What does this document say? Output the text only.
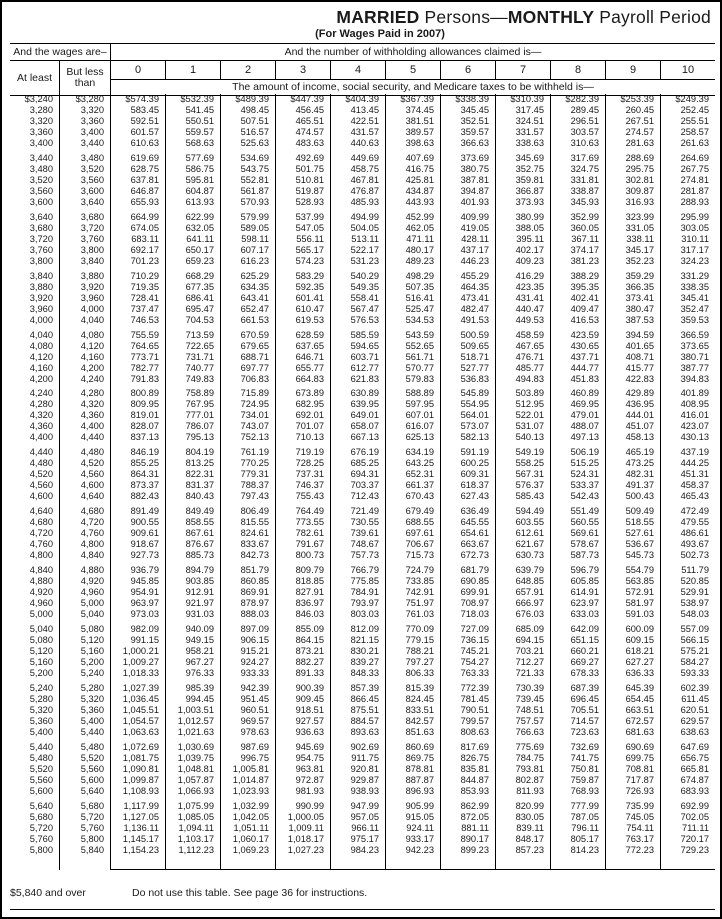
MARRIED Persons—MONTHLY Payroll Period
(For Wages Paid in 2007)
And the wages are–	And the number of withholding allowances claimed is—
At least	But less than
0	1	2	3	4	5	6	7	8	9	10
The amount of income, social security, and Medicare taxes to be withheld is—
$3,240	$3,280	$574.39	$532.39	$489.39	$447.39	$404.39	$367.39	$338.39	$310.39	$282.39	$253.39	$249.39
3,280	3,320	583.45	541.45	498.45	456.45	413.45	374.45	345.45	317.45	289.45	260.45	252.45
3,320	3,360	592.51	550.51	507.51	465.51	422.51	381.51	352.51	324.51	296.51	267.51	255.51
3,360	3,400	601.57	559.57	516.57	474.57	431.57	389.57	359.57	331.57	303.57	274.57	258.57
3,400	3,440	610.63	568.63	525.63	483.63	440.63	398.63	366.63	338.63	310.63	281.63	261.63
3,440	3,480	619.69	577.69	534.69	492.69	449.69	407.69	373.69	345.69	317.69	288.69	264.69
3,480	3,520	628.75	586.75	543.75	501.75	458.75	416.75	380.75	352.75	324.75	295.75	267.75
3,520	3,560	637.81	595.81	552.81	510.81	467.81	425.81	387.81	359.81	331.81	302.81	274.81
3,560	3,600	646.87	604.87	561.87	519.87	476.87	434.87	394.87	366.87	338.87	309.87	281.87
3,600	3,640	655.93	613.93	570.93	528.93	485.93	443.93	401.93	373.93	345.93	316.93	288.93
3,640	3,680	664.99	622.99	579.99	537.99	494.99	452.99	409.99	380.99	352.99	323.99	295.99
3,680	3,720	674.05	632.05	589.05	547.05	504.05	462.05	419.05	388.05	360.05	331.05	303.05
3,720	3,760	683.11	641.11	598.11	556.11	513.11	471.11	428.11	395.11	367.11	338.11	310.11
3,760	3,800	692.17	650.17	607.17	565.17	522.17	480.17	437.17	402.17	374.17	345.17	317.17
3,800	3,840	701.23	659.23	616.23	574.23	531.23	489.23	446.23	409.23	381.23	352.23	324.23
3,840	3,880	710.29	668.29	625.29	583.29	540.29	498.29	455.29	416.29	388.29	359.29	331.29
3,880	3,920	719.35	677.35	634.35	592.35	549.35	507.35	464.35	423.35	395.35	366.35	338.35
3,920	3,960	728.41	686.41	643.41	601.41	558.41	516.41	473.41	431.41	402.41	373.41	345.41
3,960	4,000	737.47	695.47	652.47	610.47	567.47	525.47	482.47	440.47	409.47	380.47	352.47
4,000	4,040	746.53	704.53	661.53	619.53	576.53	534.53	491.53	449.53	416.53	387.53	359.53
4,040	4,080	755.59	713.59	670.59	628.59	585.59	543.59	500.59	458.59	423.59	394.59	366.59
4,080	4,120	764.65	722.65	679.65	637.65	594.65	552.65	509.65	467.65	430.65	401.65	373.65
4,120	4,160	773.71	731.71	688.71	646.71	603.71	561.71	518.71	476.71	437.71	408.71	380.71
4,160	4,200	782.77	740.77	697.77	655.77	612.77	570.77	527.77	485.77	444.77	415.77	387.77
4,200	4,240	791.83	749.83	706.83	664.83	621.83	579.83	536.83	494.83	451.83	422.83	394.83
4,240	4,280	800.89	758.89	715.89	673.89	630.89	588.89	545.89	503.89	460.89	429.89	401.89
4,280	4,320	809.95	767.95	724.95	682.95	639.95	597.95	554.95	512.95	469.95	436.95	408.95
4,320	4,360	819.01	777.01	734.01	692.01	649.01	607.01	564.01	522.01	479.01	444.01	416.01
4,360	4,400	828.07	786.07	743.07	701.07	658.07	616.07	573.07	531.07	488.07	451.07	423.07
4,400	4,440	837.13	795.13	752.13	710.13	667.13	625.13	582.13	540.13	497.13	458.13	430.13
4,440	4,480	846.19	804.19	761.19	719.19	676.19	634.19	591.19	549.19	506.19	465.19	437.19
4,480	4,520	855.25	813.25	770.25	728.25	685.25	643.25	600.25	558.25	515.25	473.25	444.25
4,520	4,560	864.31	822.31	779.31	737.31	694.31	652.31	609.31	567.31	524.31	482.31	451.31
4,560	4,600	873.37	831.37	788.37	746.37	703.37	661.37	618.37	576.37	533.37	491.37	458.37
4,600	4,640	882.43	840.43	797.43	755.43	712.43	670.43	627.43	585.43	542.43	500.43	465.43
4,640	4,680	891.49	849.49	806.49	764.49	721.49	679.49	636.49	594.49	551.49	509.49	472.49
4,680	4,720	900.55	858.55	815.55	773.55	730.55	688.55	645.55	603.55	560.55	518.55	479.55
4,720	4,760	909.61	867.61	824.61	782.61	739.61	697.61	654.61	612.61	569.61	527.61	486.61
4,760	4,800	918.67	876.67	833.67	791.67	748.67	706.67	663.67	621.67	578.67	536.67	493.67
4,800	4,840	927.73	885.73	842.73	800.73	757.73	715.73	672.73	630.73	587.73	545.73	502.73
4,840	4,880	936.79	894.79	851.79	809.79	766.79	724.79	681.79	639.79	596.79	554.79	511.79
4,880	4,920	945.85	903.85	860.85	818.85	775.85	733.85	690.85	648.85	605.85	563.85	520.85
4,920	4,960	954.91	912.91	869.91	827.91	784.91	742.91	699.91	657.91	614.91	572.91	529.91
4,960	5,000	963.97	921.97	878.97	836.97	793.97	751.97	708.97	666.97	623.97	581.97	538.97
5,000	5,040	973.03	931.03	888.03	846.03	803.03	761.03	718.03	676.03	633.03	591.03	548.03
5,040	5,080	982.09	940.09	897.09	855.09	812.09	770.09	727.09	685.09	642.09	600.09	557.09
5,080	5,120	991.15	949.15	906.15	864.15	821.15	779.15	736.15	694.15	651.15	609.15	566.15
5,120	5,160	1,000.21	958.21	915.21	873.21	830.21	788.21	745.21	703.21	660.21	618.21	575.21
5,160	5,200	1,009.27	967.27	924.27	882.27	839.27	797.27	754.27	712.27	669.27	627.27	584.27
5,200	5,240	1,018.33	976.33	933.33	891.33	848.33	806.33	763.33	721.33	678.33	636.33	593.33
5,240	5,280	1,027.39	985.39	942.39	900.39	857.39	815.39	772.39	730.39	687.39	645.39	602.39
5,280	5,320	1,036.45	994.45	951.45	909.45	866.45	824.45	781.45	739.45	696.45	654.45	611.45
5,320	5,360	1,045.51	1,003.51	960.51	918.51	875.51	833.51	790.51	748.51	705.51	663.51	620.51
5,360	5,400	1,054.57	1,012.57	969.57	927.57	884.57	842.57	799.57	757.57	714.57	672.57	629.57
5,400	5,440	1,063.63	1,021.63	978.63	936.63	893.63	851.63	808.63	766.63	723.63	681.63	638.63
5,440	5,480	1,072.69	1,030.69	987.69	945.69	902.69	860.69	817.69	775.69	732.69	690.69	647.69
5,480	5,520	1,081.75	1,039.75	996.75	954.75	911.75	869.75	826.75	784.75	741.75	699.75	656.75
5,520	5,560	1,090.81	1,048.81	1,005.81	963.81	920.81	878.81	835.81	793.81	750.81	708.81	665.81
5,560	5,600	1,099.87	1,057.87	1,014.87	972.87	929.87	887.87	844.87	802.87	759.87	717.87	674.87
5,600	5,640	1,108.93	1,066.93	1,023.93	981.93	938.93	896.93	853.93	811.93	768.93	726.93	683.93
5,640	5,680	1,117.99	1,075.99	1,032.99	990.99	947.99	905.99	862.99	820.99	777.99	735.99	692.99
5,680	5,720	1,127.05	1,085.05	1,042.05	1,000.05	957.05	915.05	872.05	830.05	787.05	745.05	702.05
5,720	5,760	1,136.11	1,094.11	1,051.11	1,009.11	966.11	924.11	881.11	839.11	796.11	754.11	711.11
5,760	5,800	1,145.17	1,103.17	1,060.17	1,018.17	975.17	933.17	890.17	848.17	805.17	763.17	720.17
5,800	5,840	1,154.23	1,112.23	1,069.23	1,027.23	984.23	942.23	899.23	857.23	814.23	772.23	729.23
$5,840 and over	Do not use this table. See page 36 for instructions.
